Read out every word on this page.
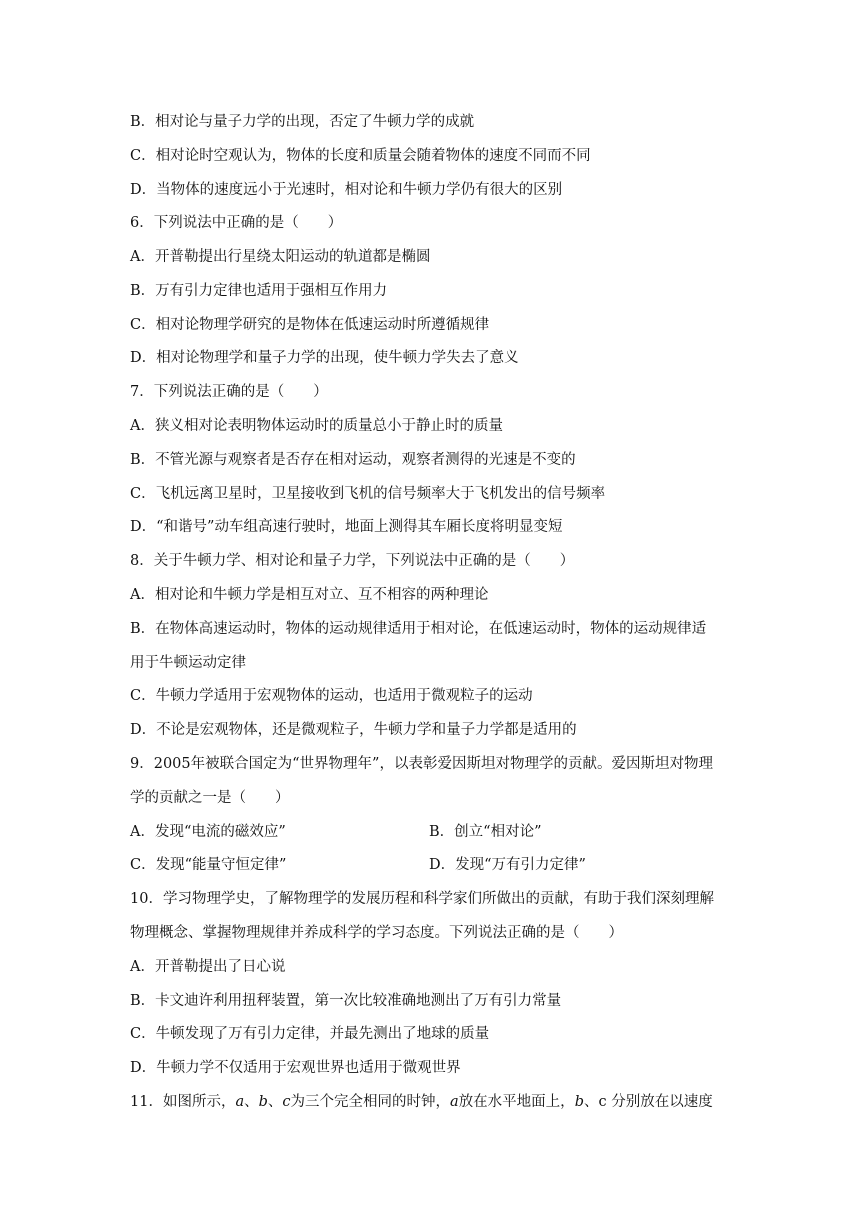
B．相对论与量子力学的出现，否定了牛顿力学的成就
C．相对论时空观认为，物体的长度和质量会随着物体的速度不同而不同
D．当物体的速度远小于光速时，相对论和牛顿力学仍有很大的区别
6．下列说法中正确的是（　　）
A．开普勒提出行星绕太阳运动的轨道都是椭圆
B．万有引力定律也适用于强相互作用力
C．相对论物理学研究的是物体在低速运动时所遵循规律
D．相对论物理学和量子力学的出现，使牛顿力学失去了意义
7．下列说法正确的是（　　）
A．狭义相对论表明物体运动时的质量总小于静止时的质量
B．不管光源与观察者是否存在相对运动，观察者测得的光速是不变的
C．飞机远离卫星时，卫星接收到飞机的信号频率大于飞机发出的信号频率
D．“和谐号”动车组高速行驶时，地面上测得其车厢长度将明显变短
8．关于牛顿力学、相对论和量子力学，下列说法中正确的是（　　）
A．相对论和牛顿力学是相互对立、互不相容的两种理论
B．在物体高速运动时，物体的运动规律适用于相对论，在低速运动时，物体的运动规律适
用于牛顿运动定律
C．牛顿力学适用于宏观物体的运动，也适用于微观粒子的运动
D．不论是宏观物体，还是微观粒子，牛顿力学和量子力学都是适用的
9．2005年被联合国定为“世界物理年”，以表彰爱因斯坦对物理学的贡献。爱因斯坦对物理
学的贡献之一是（　　）
A．发现“电流的磁效应”	B．创立“相对论”
C．发现“能量守恒定律”	D．发现“万有引力定律”
10．学习物理学史，了解物理学的发展历程和科学家们所做出的贡献，有助于我们深刻理解
物理概念、掌握物理规律并养成科学的学习态度。下列说法正确的是（　　）
A．开普勒提出了日心说
B．卡文迪许利用扭秤装置，第一次比较准确地测出了万有引力常量
C．牛顿发现了万有引力定律，并最先测出了地球的质量
D．牛顿力学不仅适用于宏观世界也适用于微观世界
11．如图所示，a、b、c为三个完全相同的时钟，a放在水平地面上，b、c 分别放在以速度
